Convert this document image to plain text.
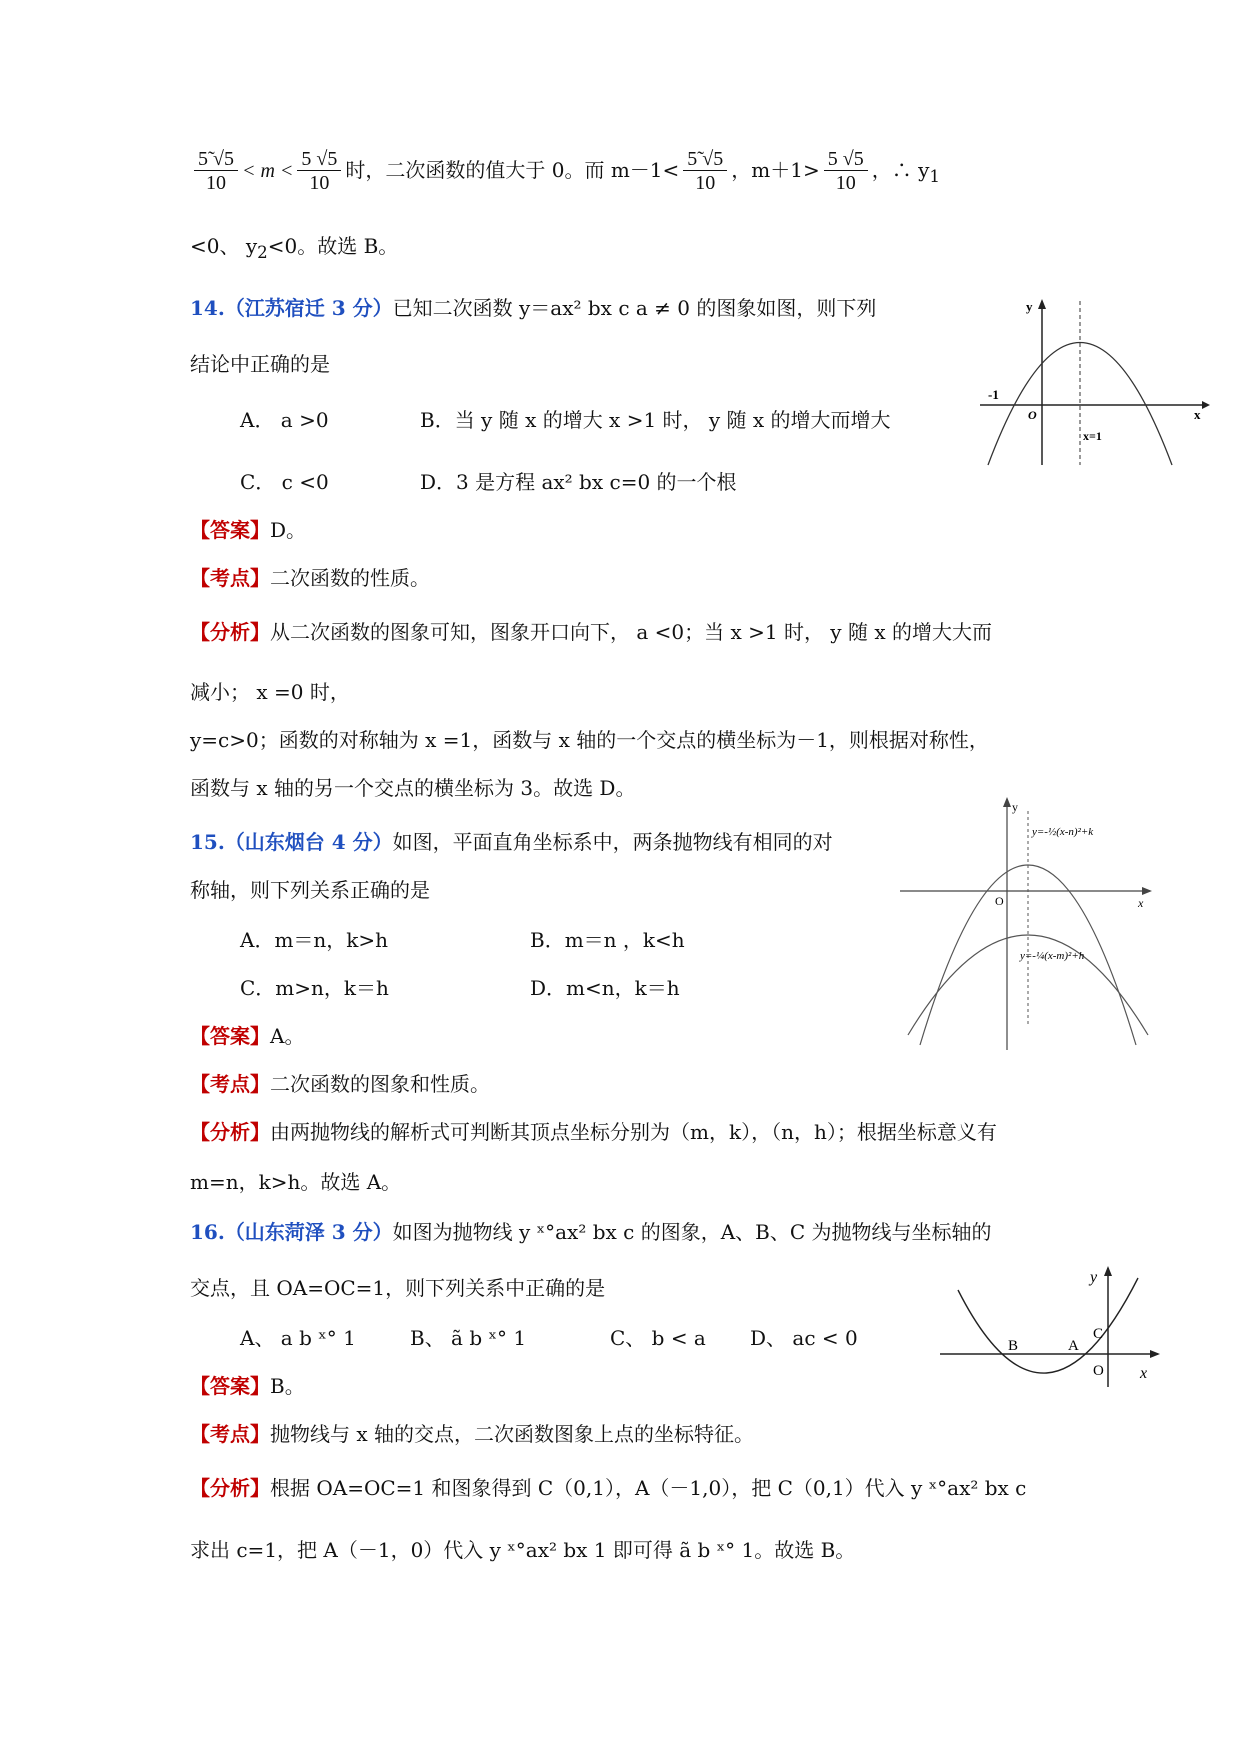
$\frac{5̃ √5}{10} < m < \frac{5 √5}{10}$ 时，二次函数的值大于 0。而 $m-1< \frac{5̃ √5}{10}$ ，$m+1> \frac{5 √5}{10}$ ，∴ $y_1$
<0、 $y_2<0$。故选 B。
14.（江苏宿迁 3 分）已知二次函数 y＝ax² bx c a ≠ 0 的图象如图，则下列
结论中正确的是
A． a >0	B．当 y 随 x 的增大 x >1 时， y 随 x 的增大而增大
C． c <0	D．3 是方程 ax² bx c=0 的一个根
【答案】D。
【考点】二次函数的性质。
【分析】从二次函数的图象可知，图象开口向下， a <0；当 x >1 时， y 随 x 的增大大而
减小； x =0 时，
y=c>0；函数的对称轴为 x =1，函数与 x 轴的一个交点的横坐标为－1，则根据对称性，
函数与 x 轴的另一个交点的横坐标为 3。故选 D。
y
x
-1
O
x=1
15.（山东烟台 4 分）如图，平面直角坐标系中，两条抛物线有相同的对
称轴，则下列关系正确的是
A．m＝n，k>h	B．m＝n ，k<h
C．m>n，k＝h	D．m<n，k＝h
【答案】A。
【考点】二次函数的图象和性质。
【分析】由两抛物线的解析式可判断其顶点坐标分别为（m，k），（n，h）；根据坐标意义有
m=n，k>h。故选 A。
y
x
O
y=-½(x-n)²+k
y=-¼(x-m)²+h
16.（山东菏泽 3 分）如图为抛物线 y ˣ°ax² bx c 的图象，A、B、C 为抛物线与坐标轴的
交点，且 OA=OC=1，则下列关系中正确的是
A、 a b ˣ° 1	B、 ã b ˣ° 1	C、 b < a D、 ac < 0
【答案】B。
【考点】抛物线与 x 轴的交点，二次函数图象上点的坐标特征。
【分析】根据 OA=OC=1 和图象得到 C（0,1），A（－1,0），把 C（0,1）代入 y ˣ°ax² bx c
求出 c=1，把 A（－1，0）代入 y ˣ°ax² bx 1 即可得 ã b ˣ° 1。故选 B。
y
x
O
A
B
C
